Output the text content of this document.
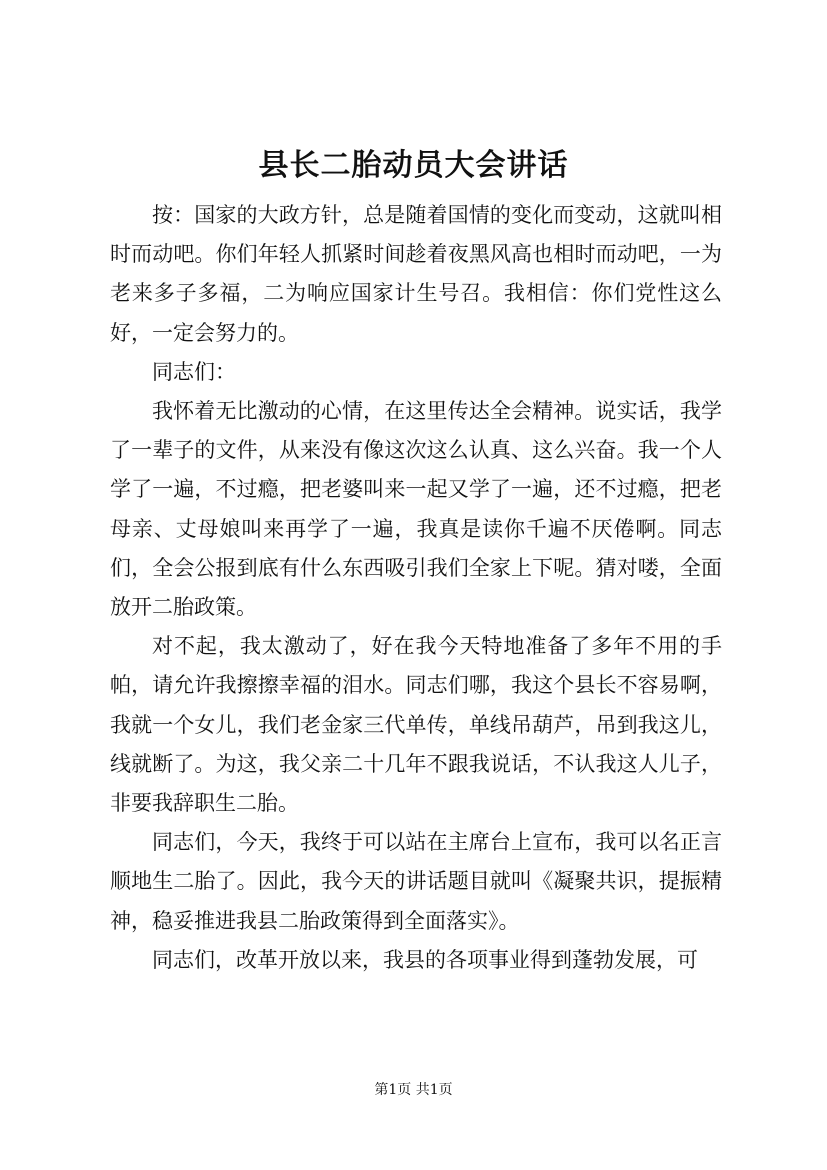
县长二胎动员大会讲话

按：国家的大政方针，总是随着国情的变化而变动，这就叫相时而动吧。你们年轻人抓紧时间趁着夜黑风高也相时而动吧，一为老来多子多福，二为响应国家计生号召。我相信：你们党性这么好，一定会努力的。

同志们：

我怀着无比激动的心情，在这里传达全会精神。说实话，我学了一辈子的文件，从来没有像这次这么认真、这么兴奋。我一个人学了一遍，不过瘾，把老婆叫来一起又学了一遍，还不过瘾，把老母亲、丈母娘叫来再学了一遍，我真是读你千遍不厌倦啊。同志们，全会公报到底有什么东西吸引我们全家上下呢。猜对喽，全面放开二胎政策。

对不起，我太激动了，好在我今天特地准备了多年不用的手帕，请允许我擦擦幸福的泪水。同志们哪，我这个县长不容易啊，我就一个女儿，我们老金家三代单传，单线吊葫芦，吊到我这儿，线就断了。为这，我父亲二十几年不跟我说话，不认我这人儿子，非要我辞职生二胎。

同志们，今天，我终于可以站在主席台上宣布，我可以名正言顺地生二胎了。因此，我今天的讲话题目就叫《凝聚共识，提振精神，稳妥推进我县二胎政策得到全面落实》。

同志们，改革开放以来，我县的各项事业得到蓬勃发展，可

第1页 共1页
